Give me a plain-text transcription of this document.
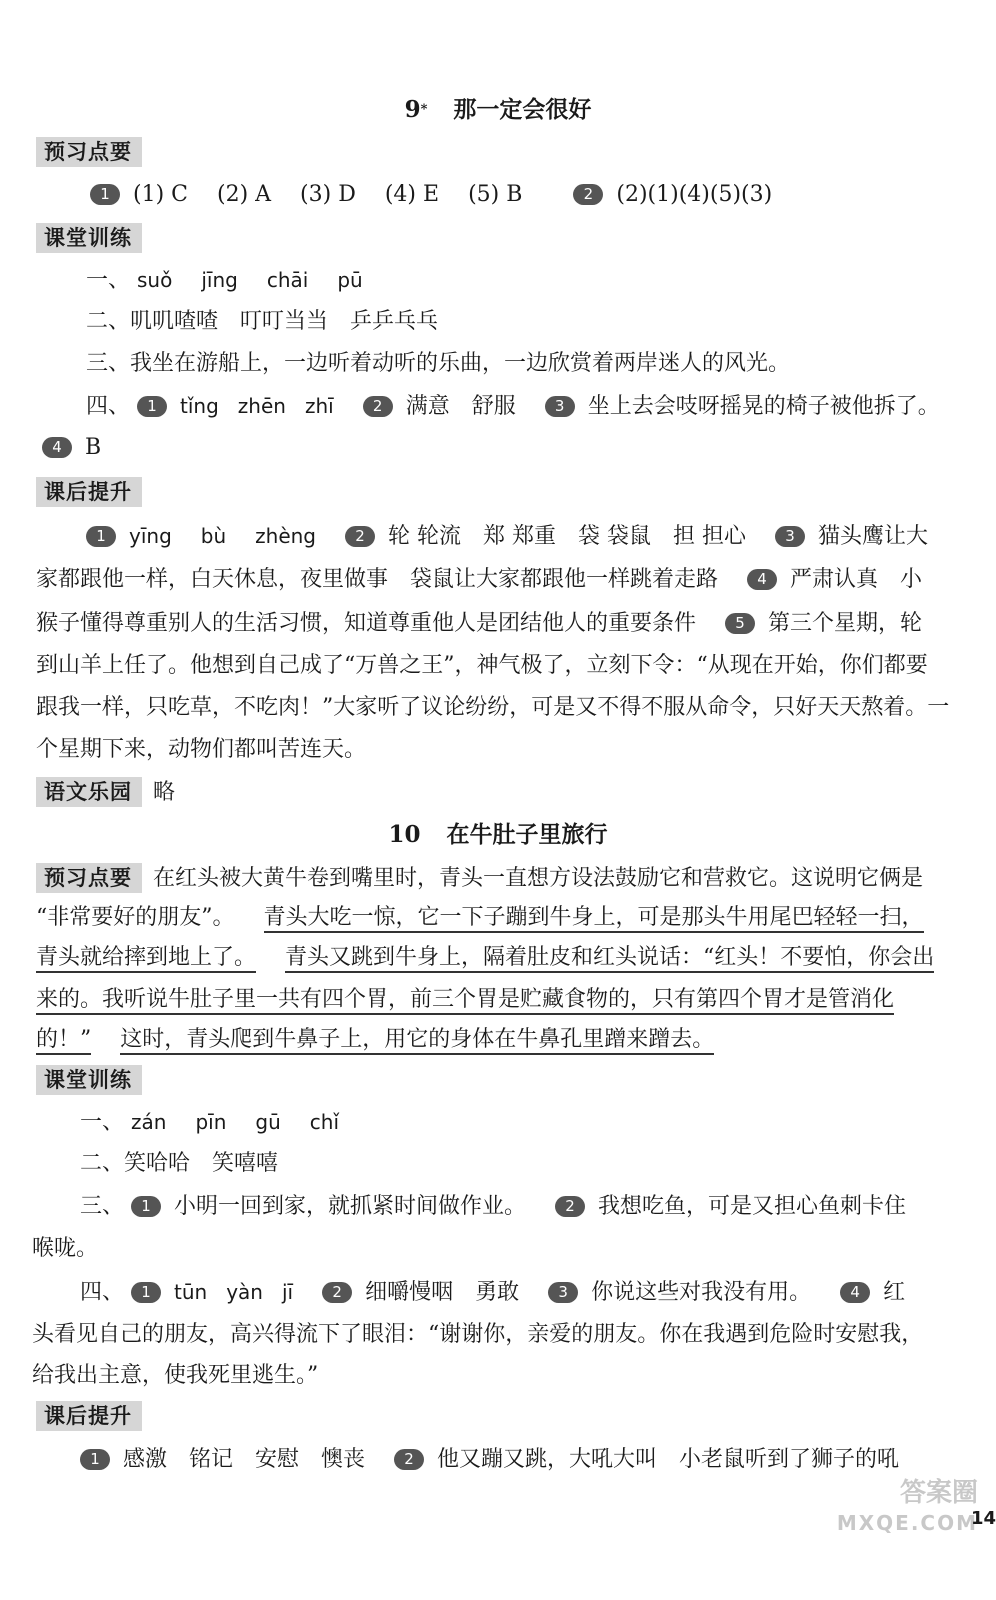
9* 那一定会很好
预习点要
1 (1) C (2) A (3) D (4) E (5) B	2 (2)(1)(4)(5)(3)
课堂训练
一、 suǒ jīng chāi pū
二、叽叽喳喳　叮叮当当　乒乒乓乓
三、我坐在游船上，一边听着动听的乐曲，一边欣赏着两岸迷人的风光。
四、 1 tǐng zhēn zhī	2 满意　舒服	3 坐上去会吱呀摇晃的椅子被他拆了。
4 B
课后提升
1 yīng bù zhèng	2 轮 轮流　郑 郑重　袋 袋鼠　担 担心	3 猫头鹰让大
家都跟他一样，白天休息，夜里做事　袋鼠让大家都跟他一样跳着走路	4 严肃认真　小
猴子懂得尊重别人的生活习惯，知道尊重他人是团结他人的重要条件	5 第三个星期，轮
到山羊上任了。他想到自己成了“万兽之王”，神气极了，立刻下令：“从现在开始，你们都要
跟我一样，只吃草，不吃肉！”大家听了议论纷纷，可是又不得不服从命令，只好天天熬着。一
个星期下来，动物们都叫苦连天。
语文乐园 略
10 在牛肚子里旅行
预习点要 在红头被大黄牛卷到嘴里时，青头一直想方设法鼓励它和营救它。这说明它俩是
“非常要好的朋友”。 青头大吃一惊，它一下子蹦到牛身上，可是那头牛用尾巴轻轻一扫，
青头就给摔到地上了。 青头又跳到牛身上，隔着肚皮和红头说话：“红头！不要怕，你会出
来的。我听说牛肚子里一共有四个胃，前三个胃是贮藏食物的，只有第四个胃才是管消化
的！” 这时，青头爬到牛鼻子上，用它的身体在牛鼻孔里蹭来蹭去。
课堂训练
一、 zán pīn gū chǐ
二、笑哈哈　笑嘻嘻
三、 1 小明一回到家，就抓紧时间做作业。	2 我想吃鱼，可是又担心鱼刺卡住
喉咙。
四、 1 tūn yàn jī	2 细嚼慢咽　勇敢	3 你说这些对我没有用。	4 红
头看见自己的朋友，高兴得流下了眼泪：“谢谢你，亲爱的朋友。你在我遇到危险时安慰我，
给我出主意，使我死里逃生。”
课后提升
1 感激　铭记　安慰　懊丧	2 他又蹦又跳，大吼大叫　小老鼠听到了狮子的吼
答案圈
MXQE.COM
14
